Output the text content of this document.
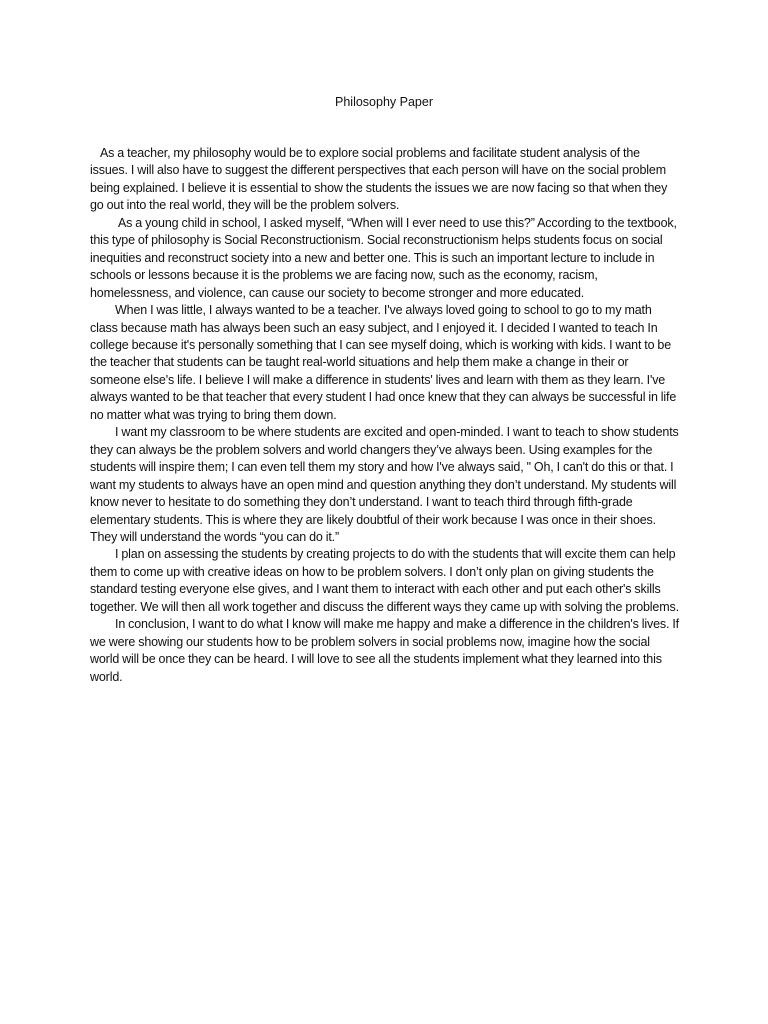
Philosophy Paper

As a teacher, my philosophy would be to explore social problems and facilitate student analysis of the issues. I will also have to suggest the different perspectives that each person will have on the social problem being explained. I believe it is essential to show the students the issues we are now facing so that when they go out into the real world, they will be the problem solvers.

As a young child in school, I asked myself, “When will I ever need to use this?” According to the textbook, this type of philosophy is Social Reconstructionism. Social reconstructionism helps students focus on social inequities and reconstruct society into a new and better one. This is such an important lecture to include in schools or lessons because it is the problems we are facing now, such as the economy, racism, homelessness, and violence, can cause our society to become stronger and more educated.

When I was little, I always wanted to be a teacher. I've always loved going to school to go to my math class because math has always been such an easy subject, and I enjoyed it. I decided I wanted to teach In college because it's personally something that I can see myself doing, which is working with kids. I want to be the teacher that students can be taught real-world situations and help them make a change in their or someone else's life. I believe I will make a difference in students' lives and learn with them as they learn. I've always wanted to be that teacher that every student I had once knew that they can always be successful in life no matter what was trying to bring them down.

I want my classroom to be where students are excited and open-minded. I want to teach to show students they can always be the problem solvers and world changers they’ve always been. Using examples for the students will inspire them; I can even tell them my story and how I've always said, " Oh, I can't do this or that. I want my students to always have an open mind and question anything they don’t understand. My students will know never to hesitate to do something they don’t understand. I want to teach third through fifth-grade elementary students. This is where they are likely doubtful of their work because I was once in their shoes. They will understand the words “you can do it.”

I plan on assessing the students by creating projects to do with the students that will excite them can help them to come up with creative ideas on how to be problem solvers. I don’t only plan on giving students the standard testing everyone else gives, and I want them to interact with each other and put each other's skills together. We will then all work together and discuss the different ways they came up with solving the problems.

In conclusion, I want to do what I know will make me happy and make a difference in the children's lives. If we were showing our students how to be problem solvers in social problems now, imagine how the social world will be once they can be heard. I will love to see all the students implement what they learned into this world.
